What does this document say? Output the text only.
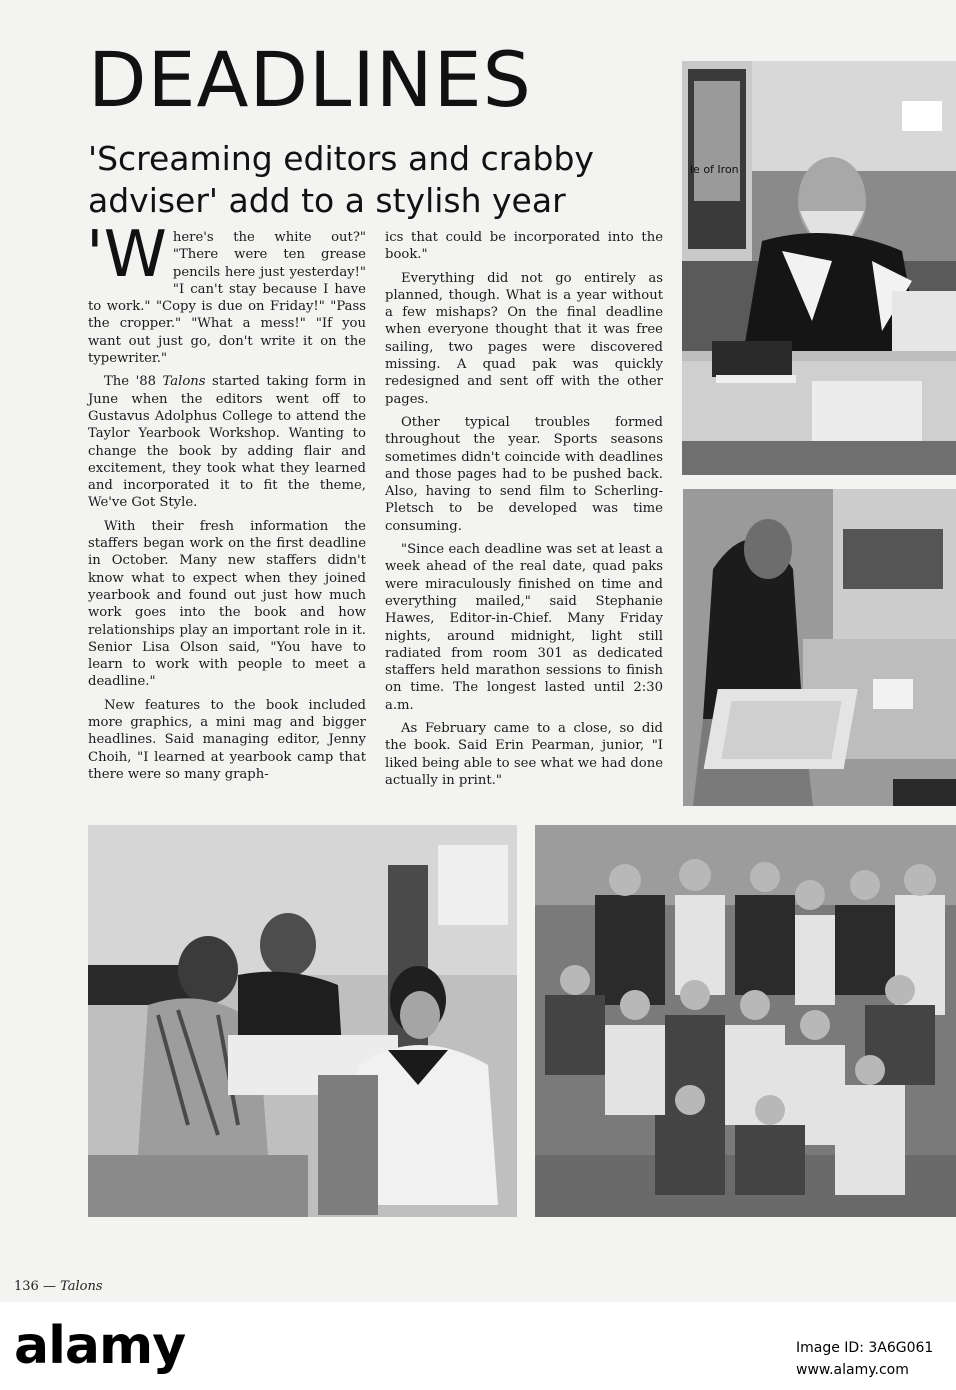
DEADLINES
'Screaming editors and crabby adviser' add to a stylish year

'Where's the white out?" "There were ten grease pencils here just yesterday!" "I can't stay because I have to work." "Copy is due on Friday!" "Pass the cropper." "What a mess!" "If you want out just go, don't write it on the typewriter."

The '88 Talons started taking form in June when the editors went off to Gustavus Adolphus College to attend the Taylor Yearbook Workshop. Wanting to change the book by adding flair and excitement, they took what they learned and incorporated it to fit the theme, We've Got Style.

With their fresh information the staffers began work on the first deadline in October. Many new staffers didn't know what to expect when they joined yearbook and found out just how much work goes into the book and how relationships play an important role in it. Senior Lisa Olson said, "You have to learn to work with people to meet a deadline."

New features to the book included more graphics, a mini mag and bigger headlines. Said managing editor, Jenny Choih, "I learned at yearbook camp that there were so many graph-

ics that could be incorporated into the book."

Everything did not go entirely as planned, though. What is a year without a few mishaps? On the final deadline when everyone thought that it was free sailing, two pages were discovered missing. A quad pak was quickly redesigned and sent off with the other pages.

Other typical troubles formed throughout the year. Sports seasons sometimes didn't coincide with deadlines and those pages had to be pushed back. Also, having to send film to Scherling-Pletsch to be developed was time consuming.

"Since each deadline was set at least a week ahead of the real date, quad paks were miraculously finished on time and everything mailed," said Stephanie Hawes, Editor-in-Chief. Many Friday nights, around midnight, light still radiated from room 301 as dedicated staffers held marathon sessions to finish on time. The longest lasted until 2:30 a.m.

As February came to a close, so did the book. Said Erin Pearman, junior, "I liked being able to see what we had done actually in print."

le of Iron
136 — Talons
alamy	Image ID: 3A6G061
www.alamy.com
